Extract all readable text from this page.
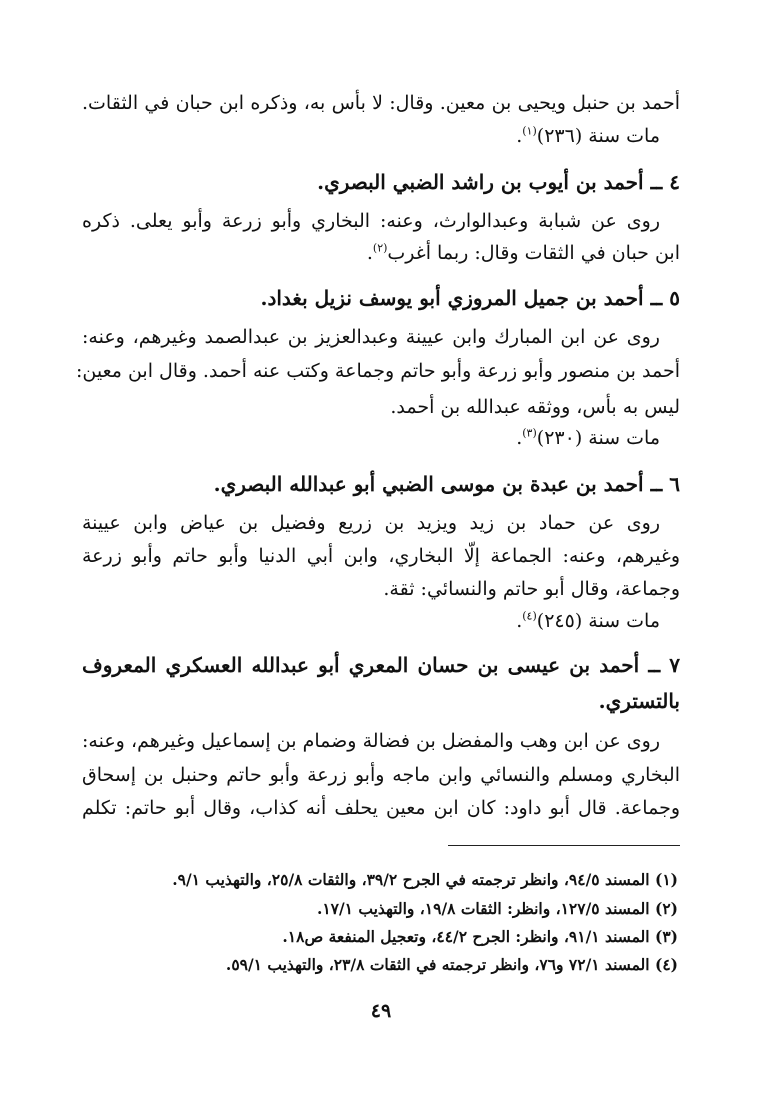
أحمد بن حنبل ويحيى بن معين. وقال: لا بأس به، وذكره ابن حبان في الثقات.
مات سنة (٢٣٦)$^{(١)}$.
٤ ــ أحمد بن أيوب بن راشد الضبي البصري.
روى عن شبابة وعبدالوارث، وعنه: البخاري وأبو زرعة وأبو يعلى. ذكره
ابن حبان في الثقات وقال: ربما أغرب$^{(٢)}$.
٥ ــ أحمد بن جميل المروزي أبو يوسف نزيل بغداد.
روى عن ابن المبارك وابن عيينة وعبدالعزيز بن عبدالصمد وغيرهم، وعنه:
أحمد بن منصور وأبو زرعة وأبو حاتم وجماعة وكتب عنه أحمد. وقال ابن معين:
ليس به بأس، ووثقه عبدالله بن أحمد.
مات سنة (٢٣٠)$^{(٣)}$.
٦ ــ أحمد بن عبدة بن موسى الضبي أبو عبدالله البصري.
روى عن حماد بن زيد ويزيد بن زريع وفضيل بن عياض وابن عيينة
وغيرهم، وعنه: الجماعة إلّا البخاري، وابن أبي الدنيا وأبو حاتم وأبو زرعة
وجماعة، وقال أبو حاتم والنسائي: ثقة.
مات سنة (٢٤٥)$^{(٤)}$.
٧ ــ أحمد بن عيسى بن حسان المعري أبو عبدالله العسكري المعروف
بالتستري.
روى عن ابن وهب والمفضل بن فضالة وضمام بن إسماعيل وغيرهم، وعنه:
البخاري ومسلم والنسائي وابن ماجه وأبو زرعة وأبو حاتم وحنبل بن إسحاق
وجماعة. قال أبو داود: كان ابن معين يحلف أنه كذاب، وقال أبو حاتم: تكلم
(١) المسند ٩٤/٥، وانظر ترجمته في الجرح ٣٩/٢، والثقات ٢٥/٨، والتهذيب ٩/١.
(٢) المسند ١٢٧/٥، وانظر: الثقات ١٩/٨، والتهذيب ١٧/١.
(٣) المسند ٩١/١، وانظر: الجرح ٤٤/٢، وتعجيل المنفعة ص١٨.
(٤) المسند ٧٢/١ و٧٦، وانظر ترجمته في الثقات ٢٣/٨، والتهذيب ٥٩/١.
٤٩
